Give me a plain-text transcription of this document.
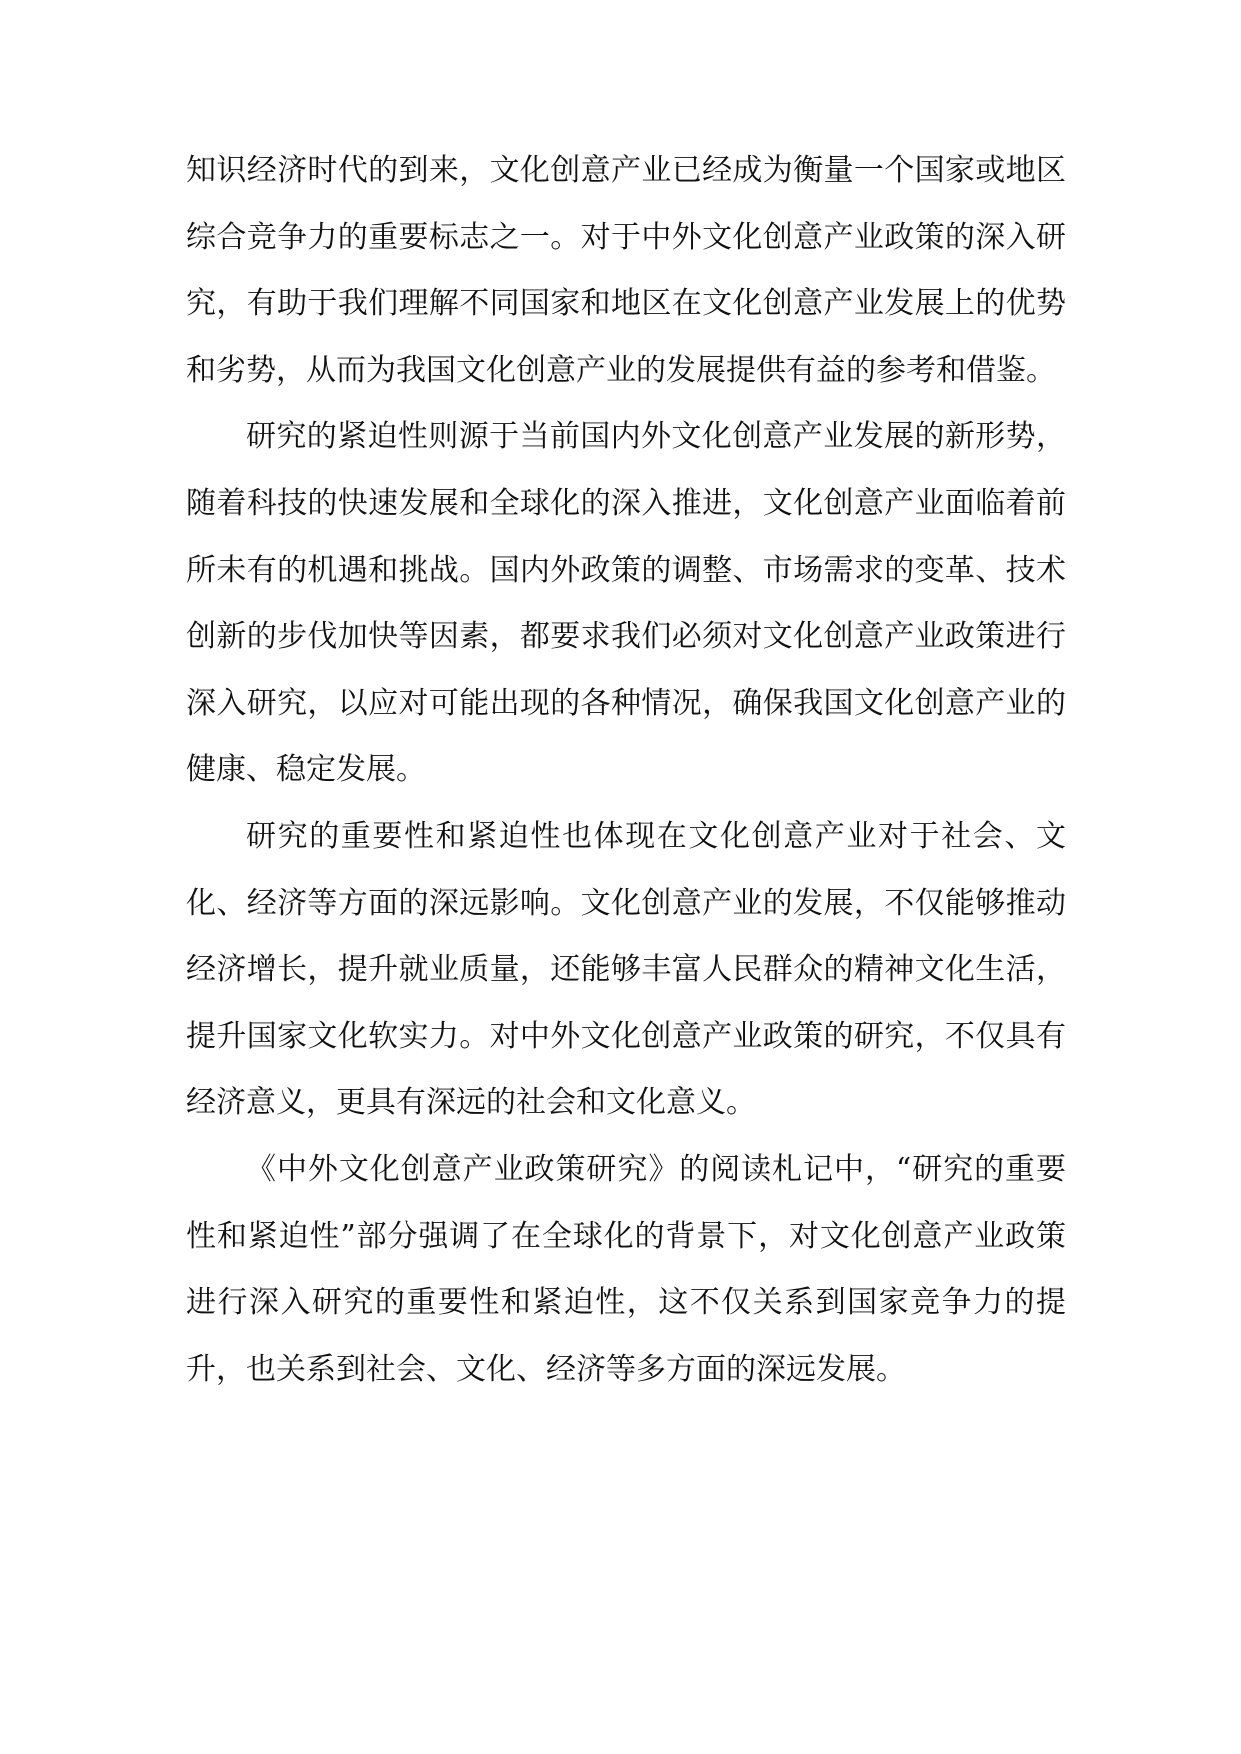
知识经济时代的到来，文化创意产业已经成为衡量一个国家或地区综合竞争力的重要标志之一。对于中外文化创意产业政策的深入研究，有助于我们理解不同国家和地区在文化创意产业发展上的优势和劣势，从而为我国文化创意产业的发展提供有益的参考和借鉴。

研究的紧迫性则源于当前国内外文化创意产业发展的新形势，随着科技的快速发展和全球化的深入推进，文化创意产业面临着前所未有的机遇和挑战。国内外政策的调整、市场需求的变革、技术创新的步伐加快等因素，都要求我们必须对文化创意产业政策进行深入研究，以应对可能出现的各种情况，确保我国文化创意产业的健康、稳定发展。

研究的重要性和紧迫性也体现在文化创意产业对于社会、文化、经济等方面的深远影响。文化创意产业的发展，不仅能够推动经济增长，提升就业质量，还能够丰富人民群众的精神文化生活，提升国家文化软实力。对中外文化创意产业政策的研究，不仅具有经济意义，更具有深远的社会和文化意义。

《中外文化创意产业政策研究》的阅读札记中，“研究的重要性和紧迫性”部分强调了在全球化的背景下，对文化创意产业政策进行深入研究的重要性和紧迫性，这不仅关系到国家竞争力的提升，也关系到社会、文化、经济等多方面的深远发展。
